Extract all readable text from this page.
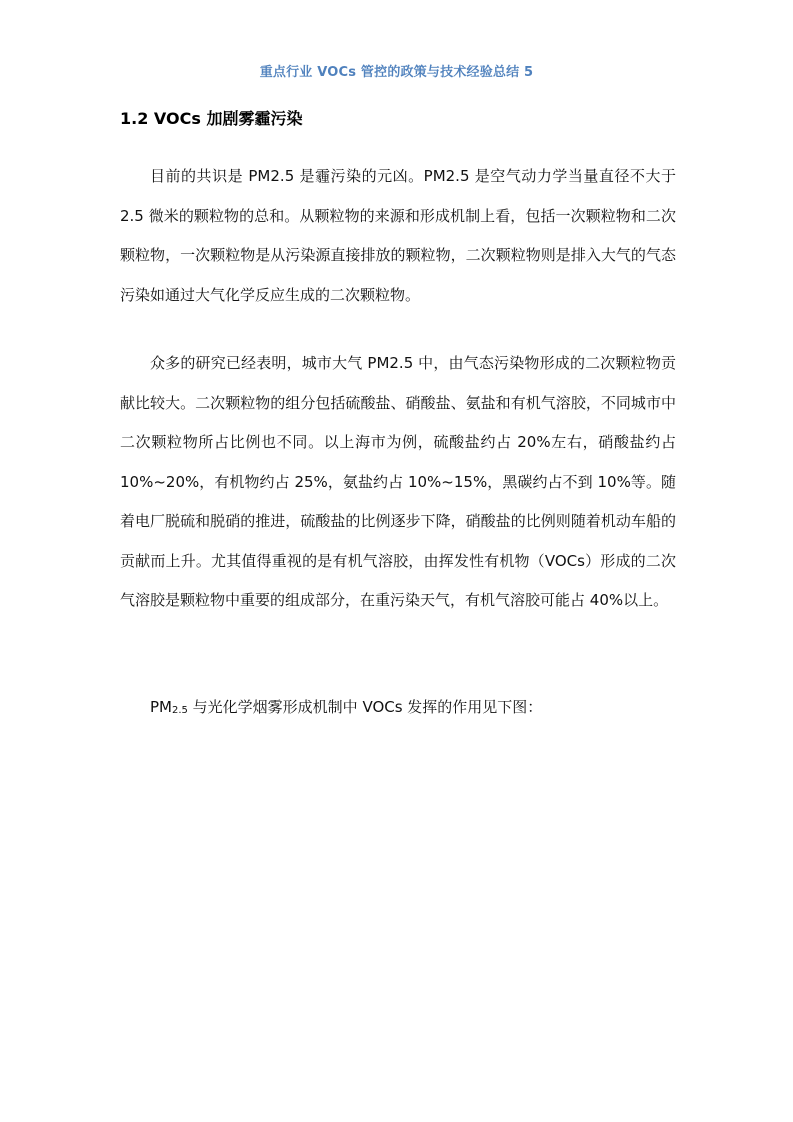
重点行业 VOCs 管控的政策与技术经验总结 5
1.2 VOCs 加剧雾霾污染

目前的共识是 PM2.5 是霾污染的元凶。PM2.5 是空气动力学当量直径不大于 2.5 微米的颗粒物的总和。从颗粒物的来源和形成机制上看，包括一次颗粒物和二次颗粒物，一次颗粒物是从污染源直接排放的颗粒物，二次颗粒物则是排入大气的气态污染如通过大气化学反应生成的二次颗粒物。

众多的研究已经表明，城市大气 PM2.5 中，由气态污染物形成的二次颗粒物贡献比较大。二次颗粒物的组分包括硫酸盐、硝酸盐、氨盐和有机气溶胶，不同城市中二次颗粒物所占比例也不同。以上海市为例，硫酸盐约占 20%左右，硝酸盐约占 10%~20%，有机物约占 25%，氨盐约占 10%~15%，黑碳约占不到 10%等。随着电厂脱硫和脱硝的推进，硫酸盐的比例逐步下降，硝酸盐的比例则随着机动车船的贡献而上升。尤其值得重视的是有机气溶胶，由挥发性有机物（VOCs）形成的二次气溶胶是颗粒物中重要的组成部分，在重污染天气，有机气溶胶可能占 40%以上。

PM2.5 与光化学烟雾形成机制中 VOCs 发挥的作用见下图：
